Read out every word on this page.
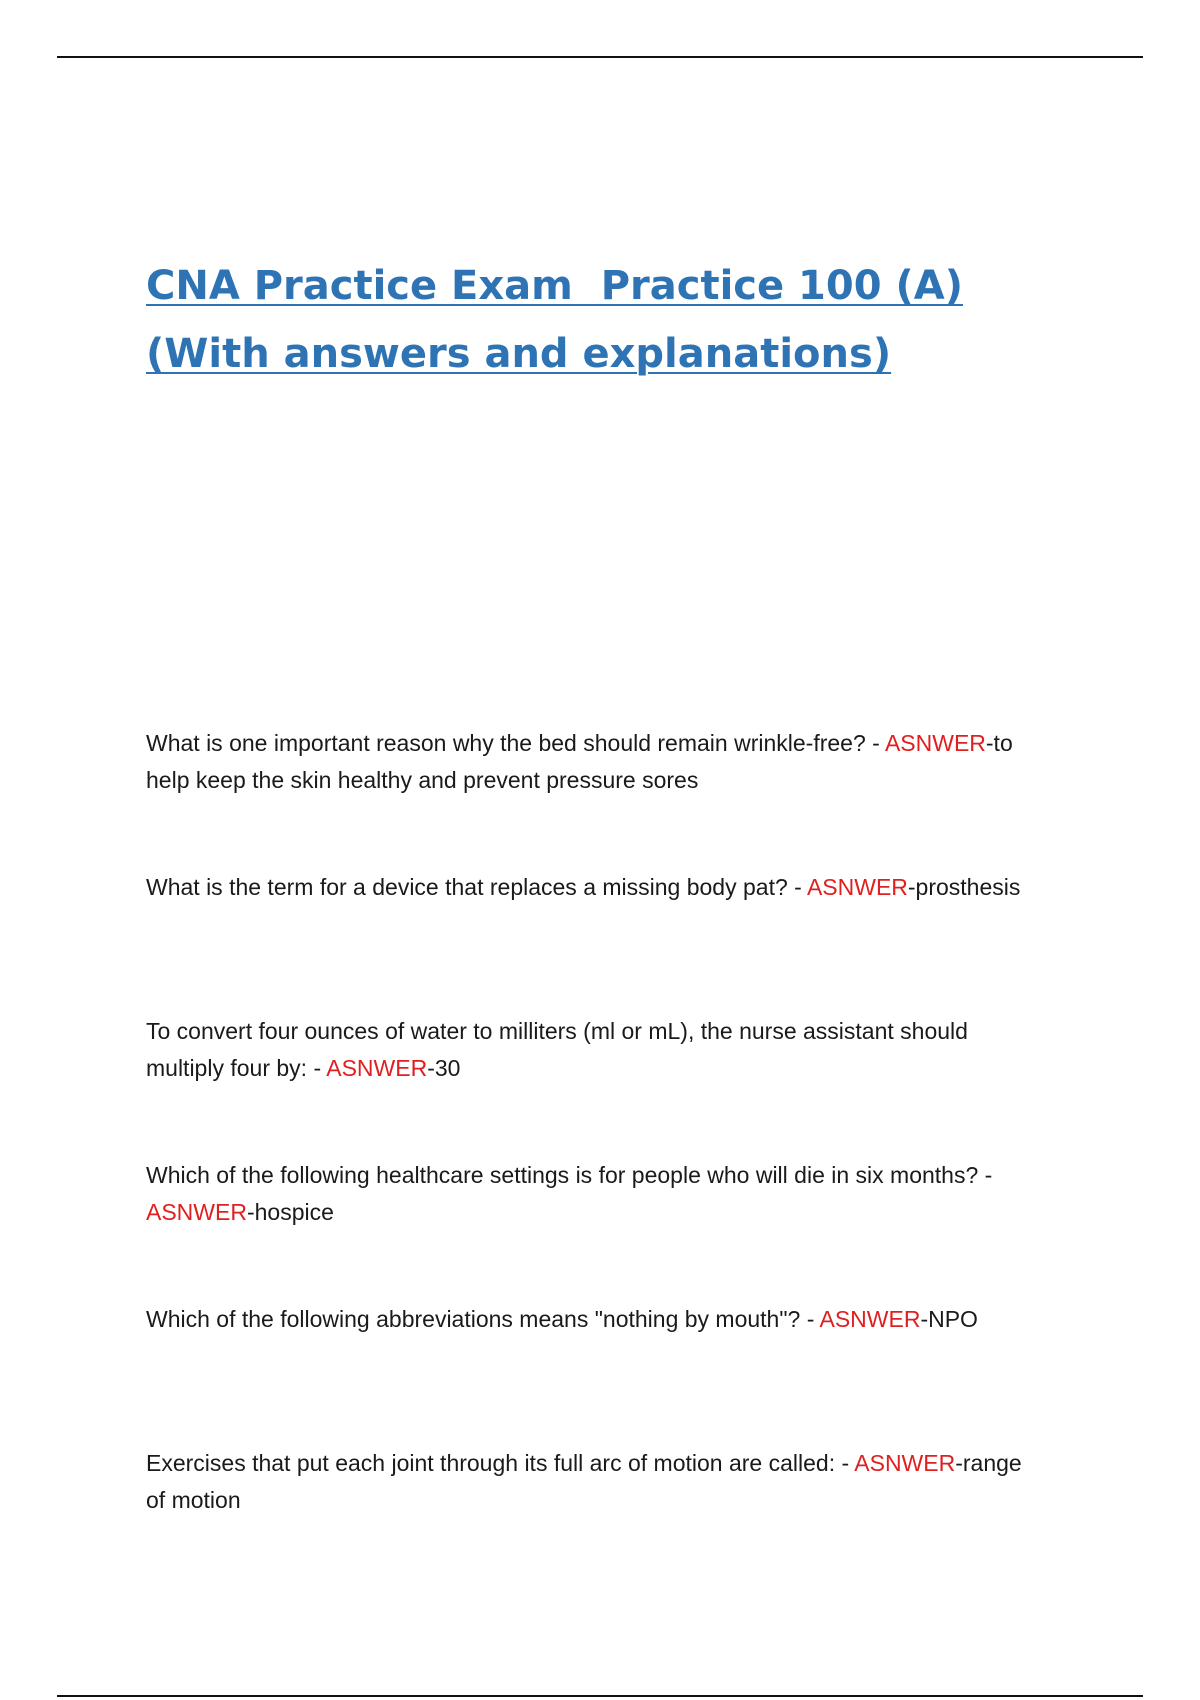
CNA Practice Exam  Practice 100 (A)
(With answers and explanations)
What is one important reason why the bed should remain wrinkle-free? - ASNWER-to help keep the skin healthy and prevent pressure sores
What is the term for a device that replaces a missing body pat? - ASNWER-prosthesis
To convert four ounces of water to milliters (ml or mL), the nurse assistant should multiply four by: - ASNWER-30
Which of the following healthcare settings is for people who will die in six months? - ASNWER-hospice
Which of the following abbreviations means "nothing by mouth"? - ASNWER-NPO
Exercises that put each joint through its full arc of motion are called: - ASNWER-range of motion
